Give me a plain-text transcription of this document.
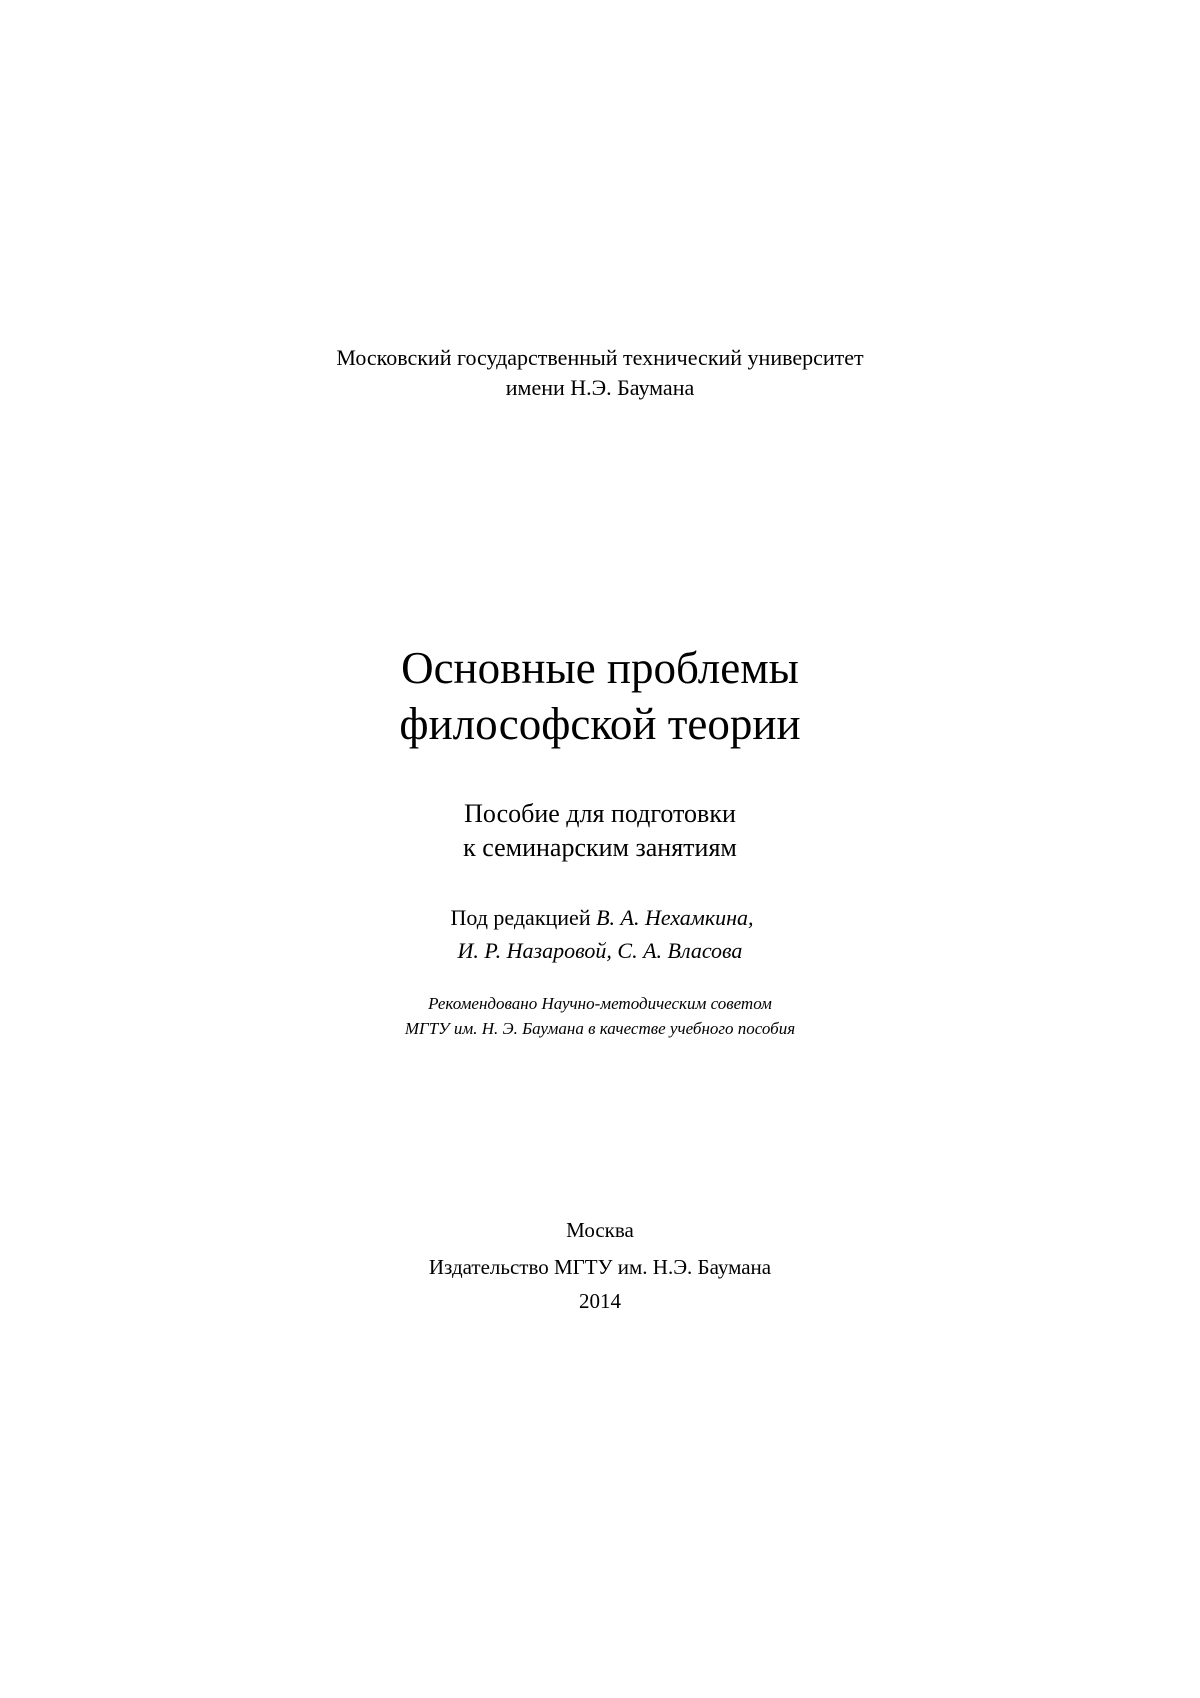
Московский государственный технический университет
имени Н.Э. Баумана
Основные проблемы
философской теории
Пособие для подготовки
к семинарским занятиям
Под редакцией В. А. Нехамкина,
И. Р. Назаровой, С. А. Власова
Рекомендовано Научно-методическим советом
МГТУ им. Н. Э. Баумана в качестве учебного пособия
Москва
Издательство МГТУ им. Н.Э. Баумана
2014
